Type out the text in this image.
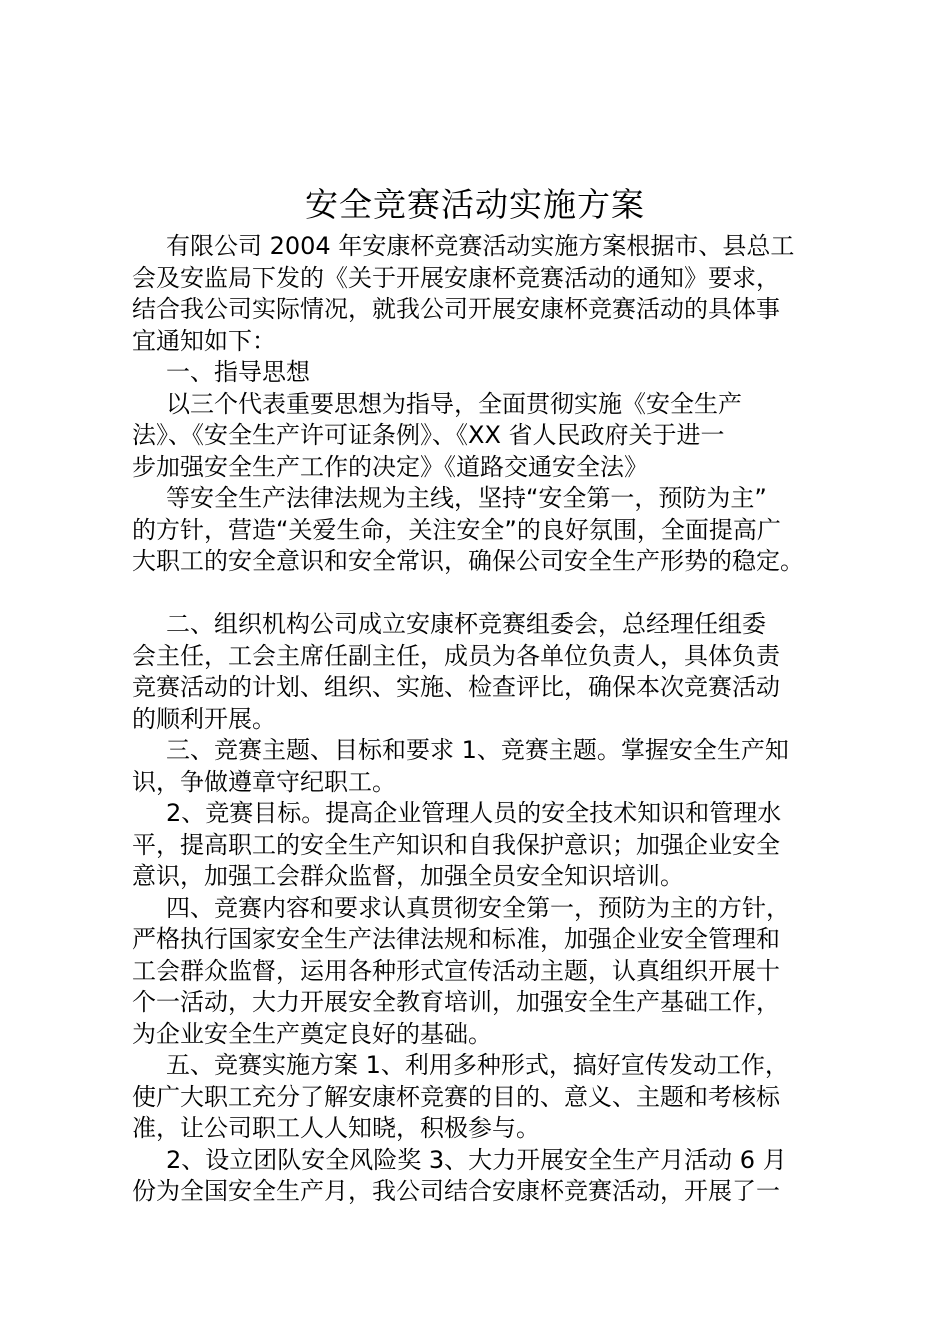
安全竞赛活动实施方案
有限公司 2004 年安康杯竞赛活动实施方案根据市、县总工
会及安监局下发的《关于开展安康杯竞赛活动的通知》要求，
结合我公司实际情况，就我公司开展安康杯竞赛活动的具体事
宜通知如下：
一、指导思想
以三个代表重要思想为指导，全面贯彻实施《安全生产
法》、《安全生产许可证条例》、《XX 省人民政府关于进一
步加强安全生产工作的决定》《道路交通安全法》
等安全生产法律法规为主线，坚持“安全第一，预防为主”
的方针，营造“关爱生命，关注安全”的良好氛围，全面提高广
大职工的安全意识和安全常识，确保公司安全生产形势的稳定。
二、组织机构公司成立安康杯竞赛组委会，总经理任组委
会主任，工会主席任副主任，成员为各单位负责人，具体负责
竞赛活动的计划、组织、实施、检查评比，确保本次竞赛活动
的顺利开展。
三、竞赛主题、目标和要求 1、竞赛主题。掌握安全生产知
识，争做遵章守纪职工。
2、竞赛目标。提高企业管理人员的安全技术知识和管理水
平，提高职工的安全生产知识和自我保护意识；加强企业安全
意识，加强工会群众监督，加强全员安全知识培训。
四、竞赛内容和要求认真贯彻安全第一，预防为主的方针，
严格执行国家安全生产法律法规和标准，加强企业安全管理和
工会群众监督，运用各种形式宣传活动主题，认真组织开展十
个一活动，大力开展安全教育培训，加强安全生产基础工作，
为企业安全生产奠定良好的基础。
五、竞赛实施方案 1、利用多种形式，搞好宣传发动工作，
使广大职工充分了解安康杯竞赛的目的、意义、主题和考核标
准，让公司职工人人知晓，积极参与。
2、设立团队安全风险奖 3、大力开展安全生产月活动 6 月
份为全国安全生产月，我公司结合安康杯竞赛活动，开展了一
